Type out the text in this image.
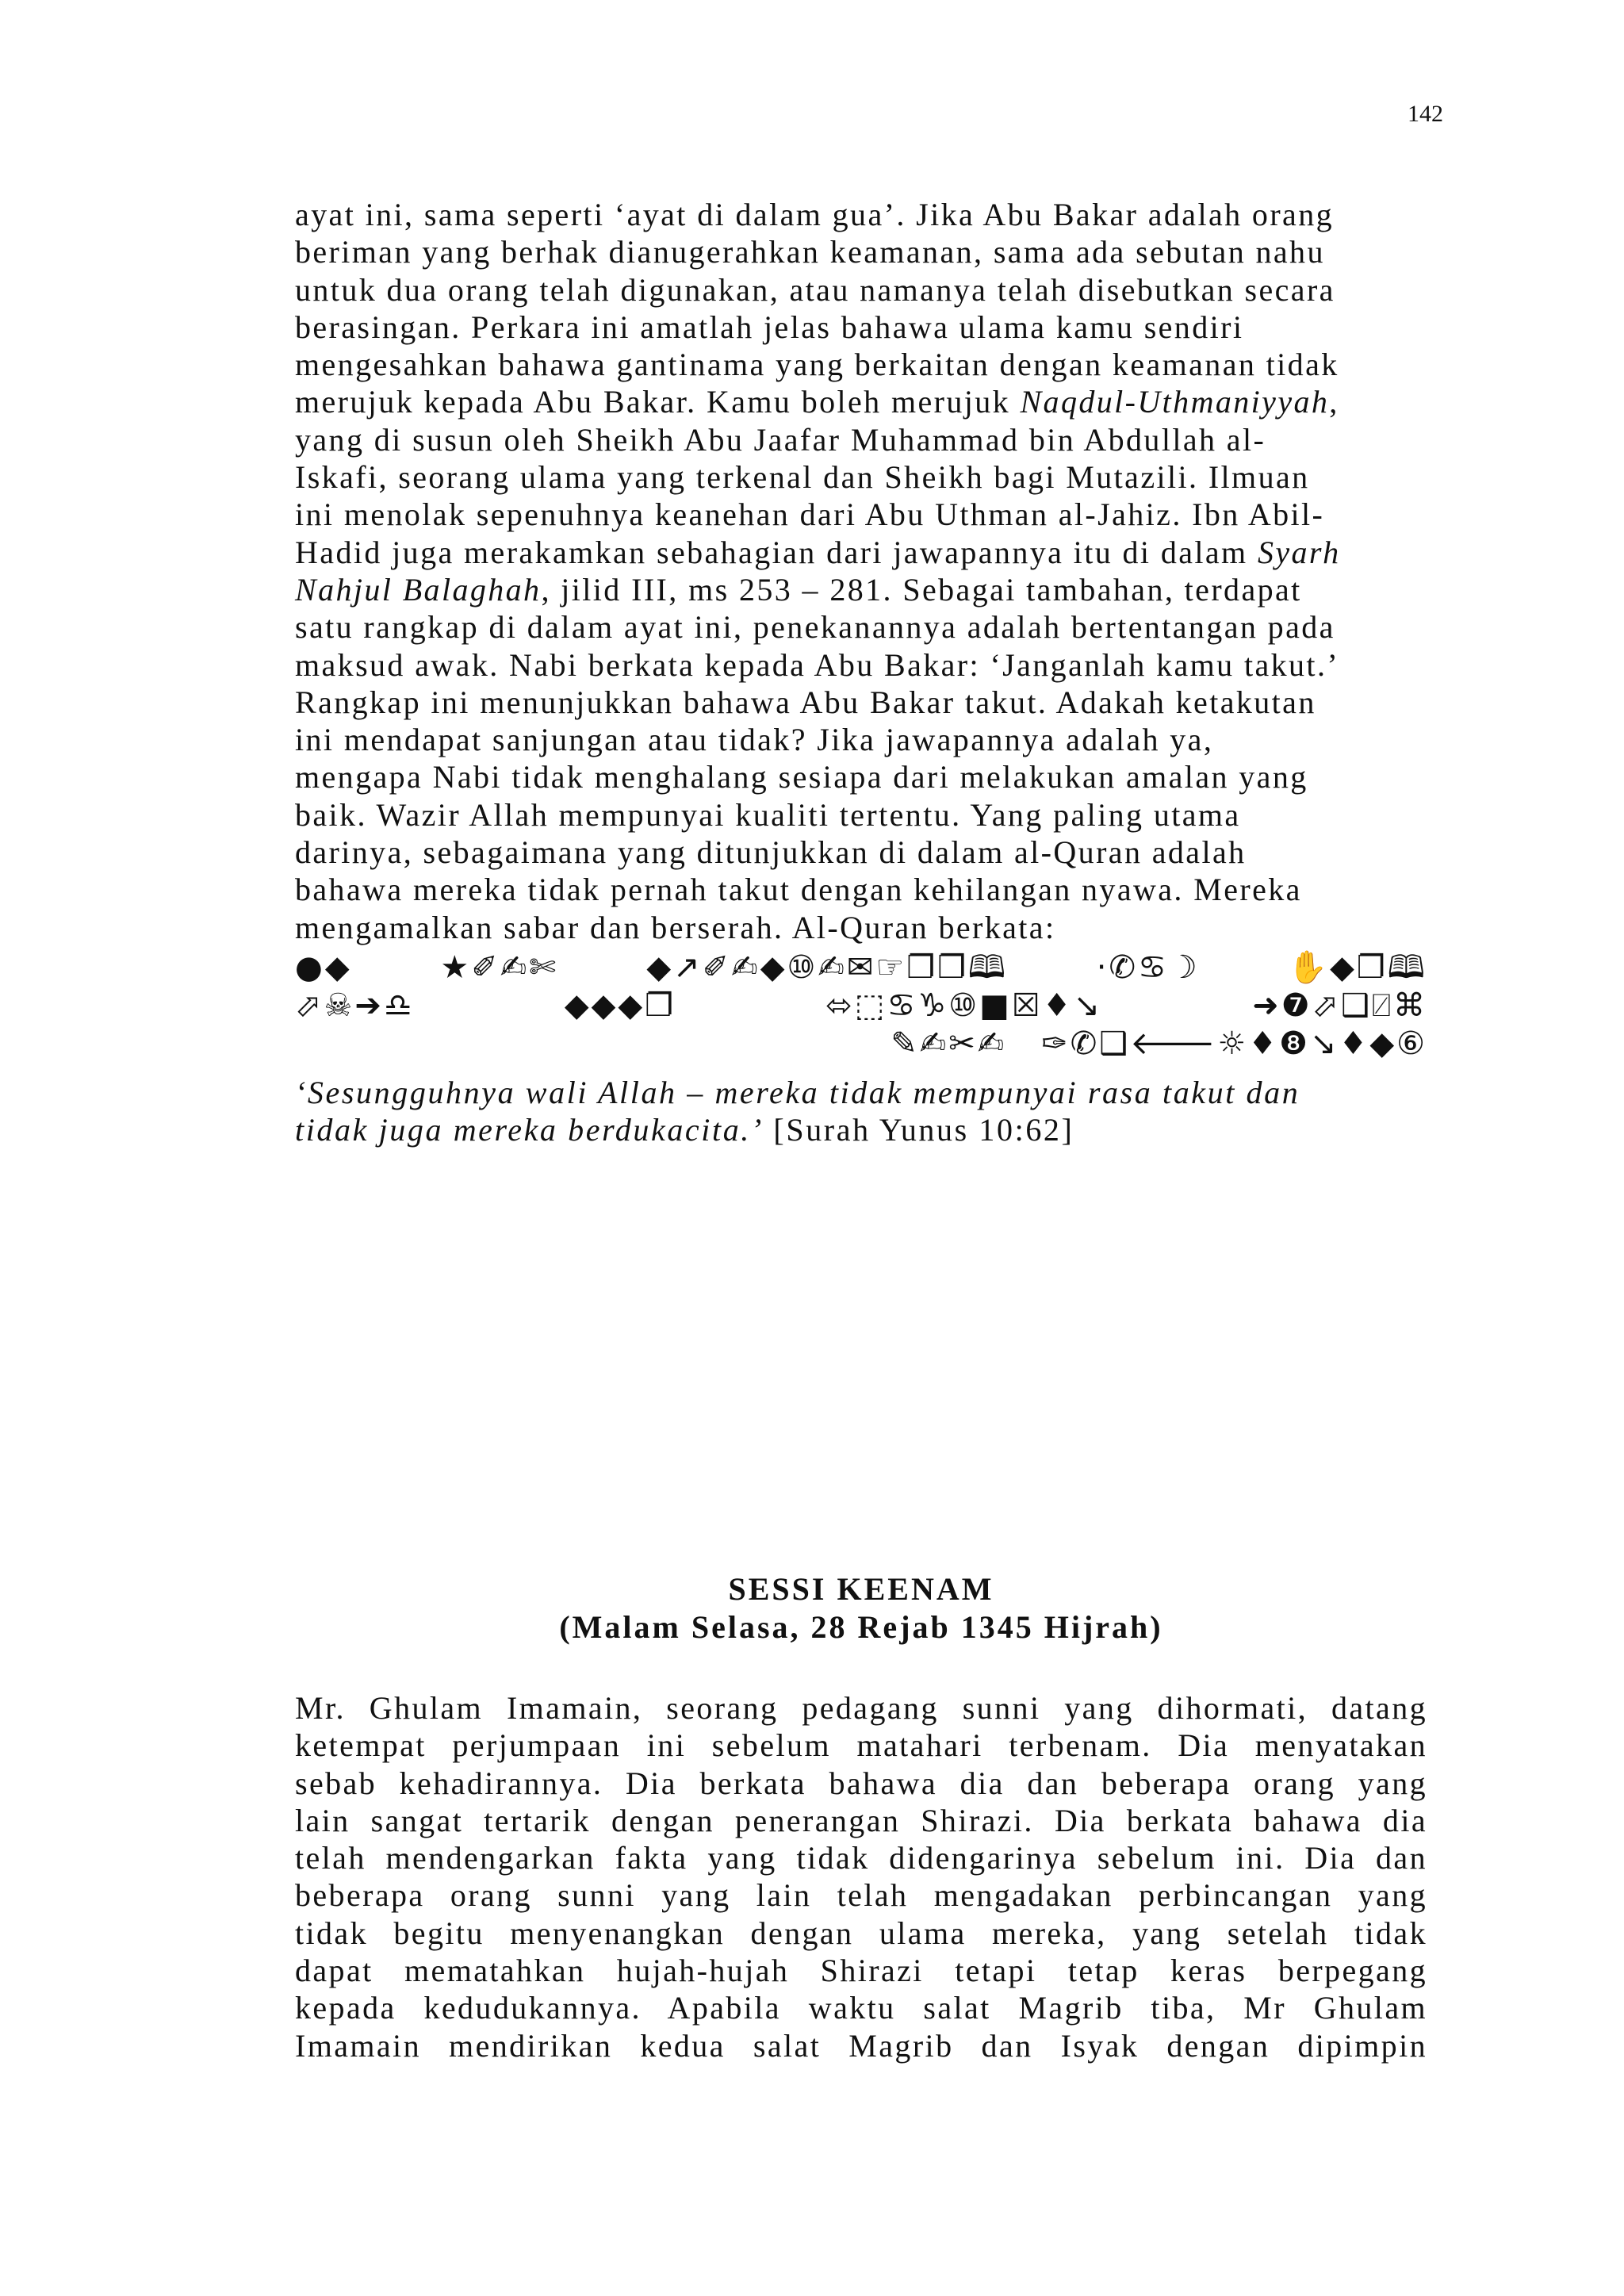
142

ayat ini, sama seperti ‘ayat di dalam gua’. Jika Abu Bakar adalah orang

beriman yang berhak dianugerahkan keamanan, sama ada sebutan nahu

untuk dua orang telah digunakan, atau namanya telah disebutkan secara

berasingan. Perkara ini amatlah jelas bahawa ulama kamu sendiri

mengesahkan bahawa gantinama yang berkaitan dengan keamanan tidak

merujuk kepada Abu Bakar. Kamu boleh merujuk Naqdul-Uthmaniyyah,

yang di susun oleh Sheikh Abu Jaafar Muhammad bin Abdullah al-

Iskafi, seorang ulama yang terkenal dan Sheikh bagi Mutazili. Ilmuan

ini menolak sepenuhnya keanehan dari Abu Uthman al-Jahiz. Ibn Abil-

Hadid juga merakamkan sebahagian dari jawapannya itu di dalam Syarh

Nahjul Balaghah, jilid III, ms 253 – 281. Sebagai tambahan, terdapat

satu rangkap di dalam ayat ini, penekanannya adalah bertentangan pada

maksud awak. Nabi berkata kepada Abu Bakar: ‘Janganlah kamu takut.’

Rangkap ini menunjukkan bahawa Abu Bakar takut. Adakah ketakutan

ini mendapat sanjungan atau tidak? Jika jawapannya adalah ya,

mengapa Nabi tidak menghalang sesiapa dari melakukan amalan yang

baik. Wazir Allah mempunyai kualiti tertentu. Yang paling utama

darinya, sebagaimana yang ditunjukkan di dalam al-Quran adalah

bahawa mereka tidak pernah takut dengan kehilangan nyawa. Mereka

mengamalkan sabar dan berserah. Al-Quran berkata:

●◆	★✐✍✄	◆↗✐✍◆⑩✍✉☞❐❐🕮	·✆♋☽	✋◆❐🕮
⬀☠➔♎	◆◆◆❐	⬄⬚♋♑⑩■☒♦↘	➜❼⬀❑⍁⌘
✎✍✂✍ ✑✆❑🡐☼♦❽↘♦◆⑥

‘Sesungguhnya wali Allah – mereka tidak mempunyai rasa takut dan

tidak juga mereka berdukacita.’ [Surah Yunus 10:62]

SESSI KEENAM
(Malam Selasa, 28 Rejab 1345 Hijrah)

Mr. Ghulam Imamain, seorang pedagang sunni yang dihormati, datang

ketempat perjumpaan ini sebelum matahari terbenam. Dia menyatakan

sebab kehadirannya. Dia berkata bahawa dia dan beberapa orang yang

lain sangat tertarik dengan penerangan Shirazi. Dia berkata bahawa dia

telah mendengarkan fakta yang tidak didengarinya sebelum ini. Dia dan

beberapa orang sunni yang lain telah mengadakan perbincangan yang

tidak begitu menyenangkan dengan ulama mereka, yang setelah tidak

dapat mematahkan hujah-hujah Shirazi tetapi tetap keras berpegang

kepada kedudukannya. Apabila waktu salat Magrib tiba, Mr Ghulam

Imamain mendirikan kedua salat Magrib dan Isyak dengan dipimpin
